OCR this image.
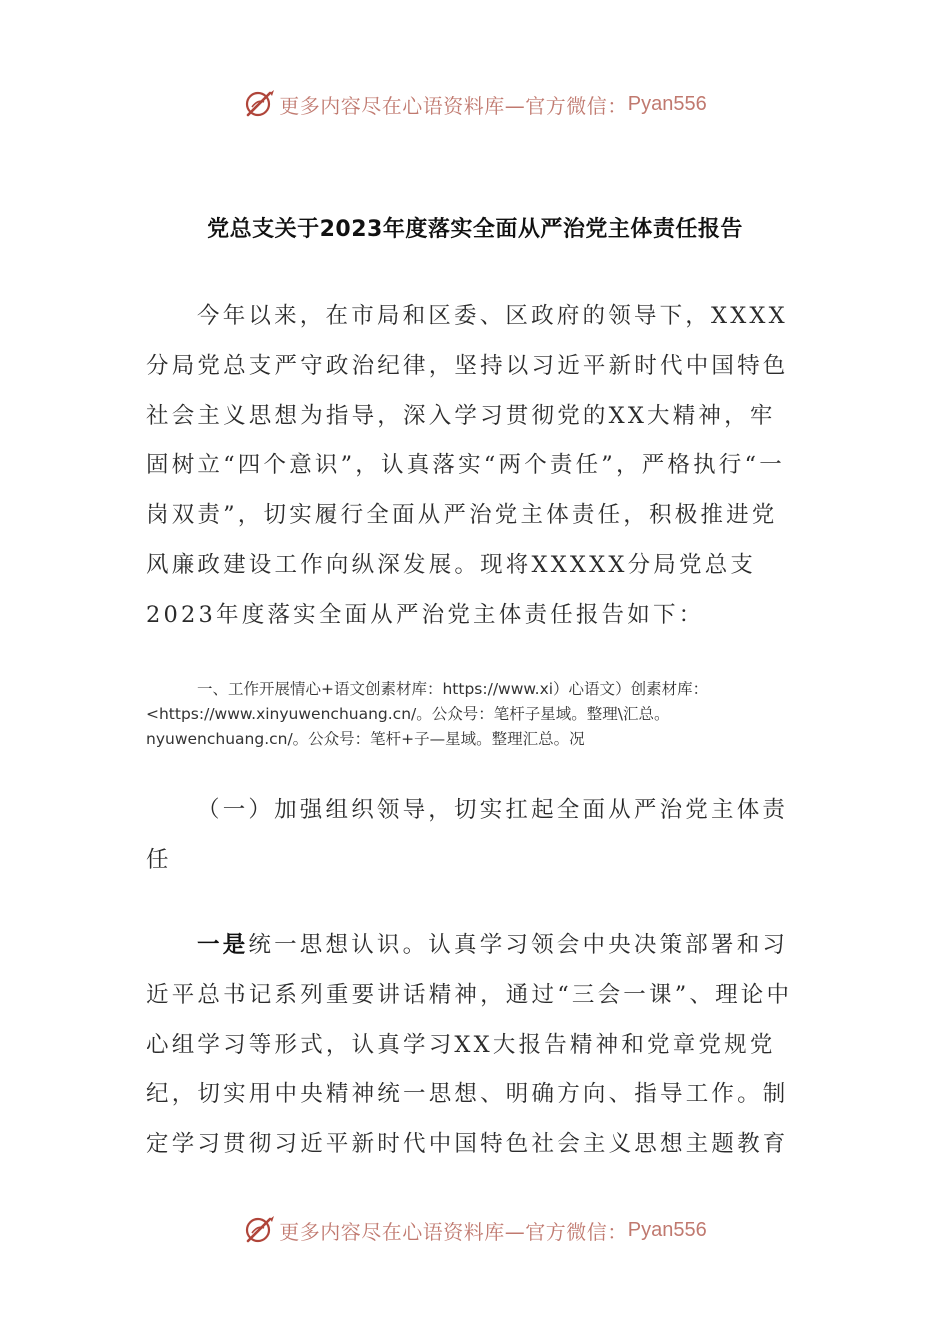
更多内容尽在心语资料库—官方微信： Pyan556
党总支关于2023年度落实全面从严治党主体责任报告

今年以来，在市局和区委、区政府的领导下，XXXX分局党总支严守政治纪律，坚持以习近平新时代中国特色社会主义思想为指导，深入学习贯彻党的XX大精神，牢固树立“四个意识”，认真落实“两个责任”，严格执行“一岗双责”，切实履行全面从严治党主体责任，积极推进党风廉政建设工作向纵深发展。现将XXXXX分局党总支2023年度落实全面从严治党主体责任报告如下：

一、工作开展情心+语文创素材库：https://www.xi）心语文）创素材库：
<https://www.xinyuwenchuang.cn/。公众号：笔杆子星域。整理\汇总。
nyuwenchuang.cn/。公众号：笔杆+子—星域。整理汇总。况

（一）加强组织领导，切实扛起全面从严治党主体责任

一是统一思想认识。认真学习领会中央决策部署和习近平总书记系列重要讲话精神，通过“三会一课”、理论中心组学习等形式，认真学习XX大报告精神和党章党规党纪，切实用中央精神统一思想、明确方向、指导工作。制定学习贯彻习近平新时代中国特色社会主义思想主题教育

更多内容尽在心语资料库—官方微信： Pyan556
